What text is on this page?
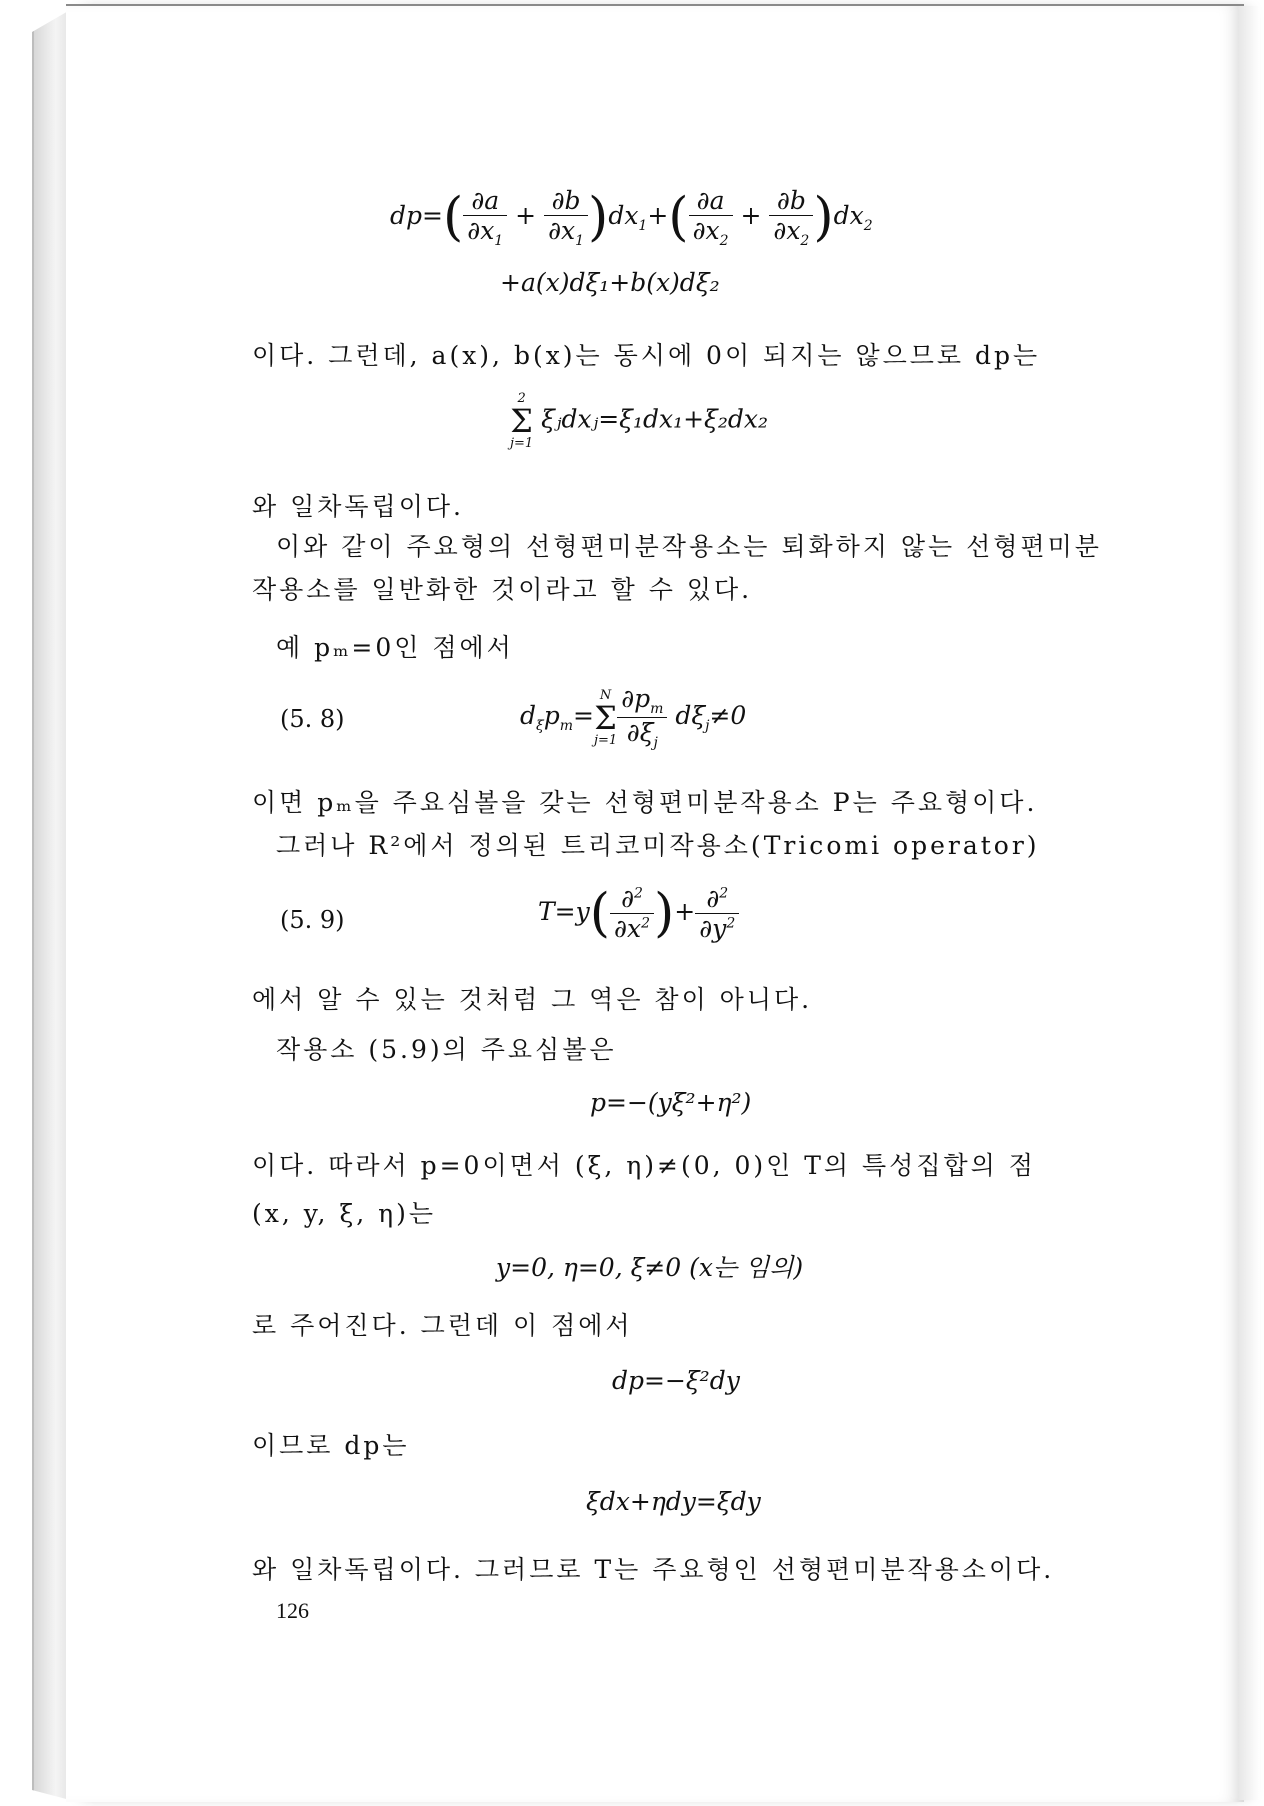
$dp=( \frac{\partial a}{\partial x_1} + \frac{\partial b}{\partial x_1} )dx_1+( \frac{\partial a}{\partial x_2} + \frac{\partial b}{\partial x_2} )dx_2$
+a(x)dξ₁+b(x)dξ₂
이다. 그런데, a(x), b(x)는 동시에 0이 되지는 않으므로 dp는
2
Σ
j=1
ξⱼdxⱼ=ξ₁dx₁+ξ₂dx₂
와 일차독립이다.
이와 같이 주요형의 선형편미분작용소는 퇴화하지 않는 선형편미분
작용소를 일반화한 것이라고 할 수 있다.
예 pₘ=0인 점에서
(5. 8)	$d_\xi p_m=$
N
Σ
$j=1 \frac{\partial p_m}{\partial\xi_j} d\xi_j\ne 0$
이면 pₘ을 주요심볼을 갖는 선형편미분작용소 P는 주요형이다.
그러나 R²에서 정의된 트리코미작용소(Tricomi operator)
(5. 9)	$T=y( \frac{\partial^2}{\partial x^2}$ )+ $\frac{\partial^2}{\partial y^2}$
에서 알 수 있는 것처럼 그 역은 참이 아니다.
작용소 (5.9)의 주요심볼은
p=−(yξ²+η²)
이다. 따라서 p=0이면서 (ξ, η)≠(0, 0)인 T의 특성집합의 점
(x, y, ξ, η)는
y=0, η=0, ξ≠0 (x는 임의)
로 주어진다. 그런데 이 점에서
dp=−ξ²dy
이므로 dp는
ξdx+ηdy=ξdy
와 일차독립이다. 그러므로 T는 주요형인 선형편미분작용소이다.
126
